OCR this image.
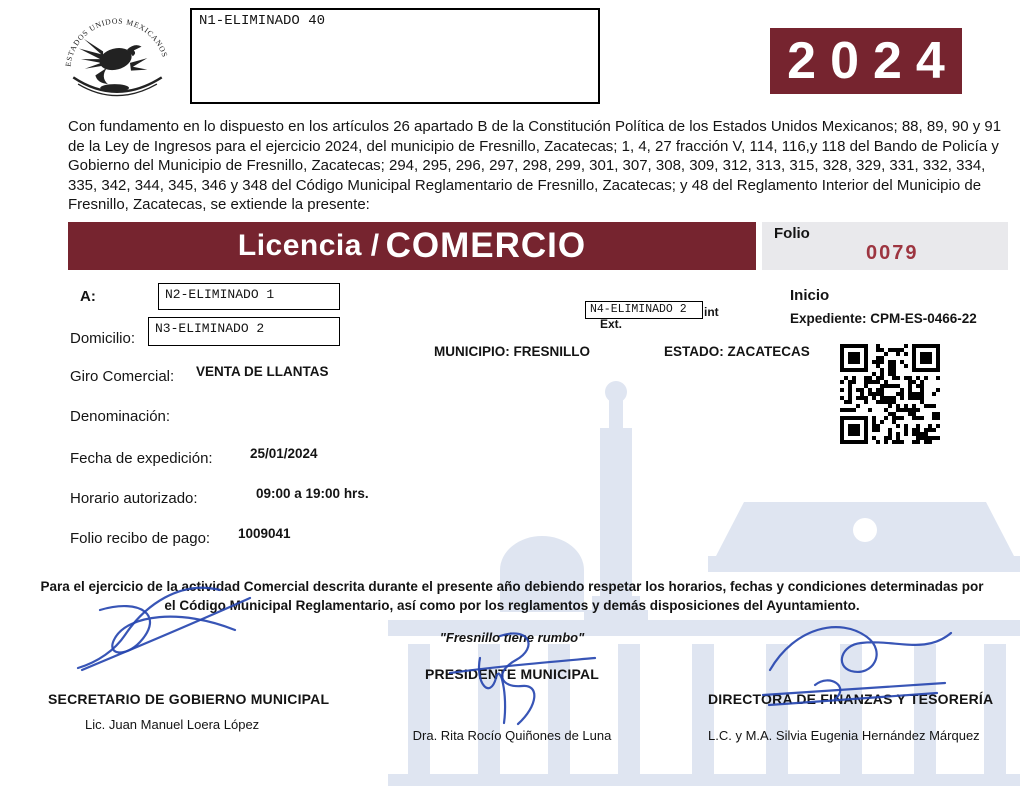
ESTADOS UNIDOS MEXICANOS
N1-ELIMINADO 40
2024
Con fundamento en lo dispuesto en los artículos 26 apartado B de la Constitución Política de los Estados Unidos Mexicanos; 88, 89, 90 y 91 de la Ley de Ingresos para el ejercicio 2024, del municipio de Fresnillo, Zacatecas; 1, 4, 27 fracción V, 114, 116,y 118 del Bando de Policía y Gobierno del Municipio de Fresnillo, Zacatecas; 294, 295, 296, 297, 298, 299, 301, 307, 308, 309, 312, 313, 315, 328, 329, 331, 332, 334, 335, 342, 344, 345, 346 y 348 del Código Municipal Reglamentario de Fresnillo, Zacatecas; y 48 del Reglamento Interior del Municipio de Fresnillo, Zacatecas, se extiende la presente:
Licencia / COMERCIO	Folio
0079
A:	N2-ELIMINADO 1	Inicio
Expediente: CPM-ES-0466-22
Domicilio:
N3-ELIMINADO 2
N4-ELIMINADO 2
Ext.
int
MUNICIPIO: FRESNILLO	ESTADO: ZACATECAS
Giro Comercial: VENTA DE LLANTAS
Denominación:
Fecha de expedición:	25/01/2024
Horario autorizado:	09:00 a 19:00 hrs.
Folio recibo de pago: 1009041
Para el ejercicio de la actividad Comercial descrita durante el presente año debiendo respetar los horarios, fechas y condiciones determinadas por el Código Municipal Reglamentario, así como por los reglamentos y demás disposiciones del Ayuntamiento.
"Fresnillo tiene rumbo"
PRESIDENTE MUNICIPAL
SECRETARIO DE GOBIERNO MUNICIPAL	DIRECTORA DE FINANZAS Y TESORERÍA
Lic. Juan Manuel Loera López
Dra. Rita Rocío Quiñones de Luna	L.C. y M.A. Silvia Eugenia Hernández Márquez
